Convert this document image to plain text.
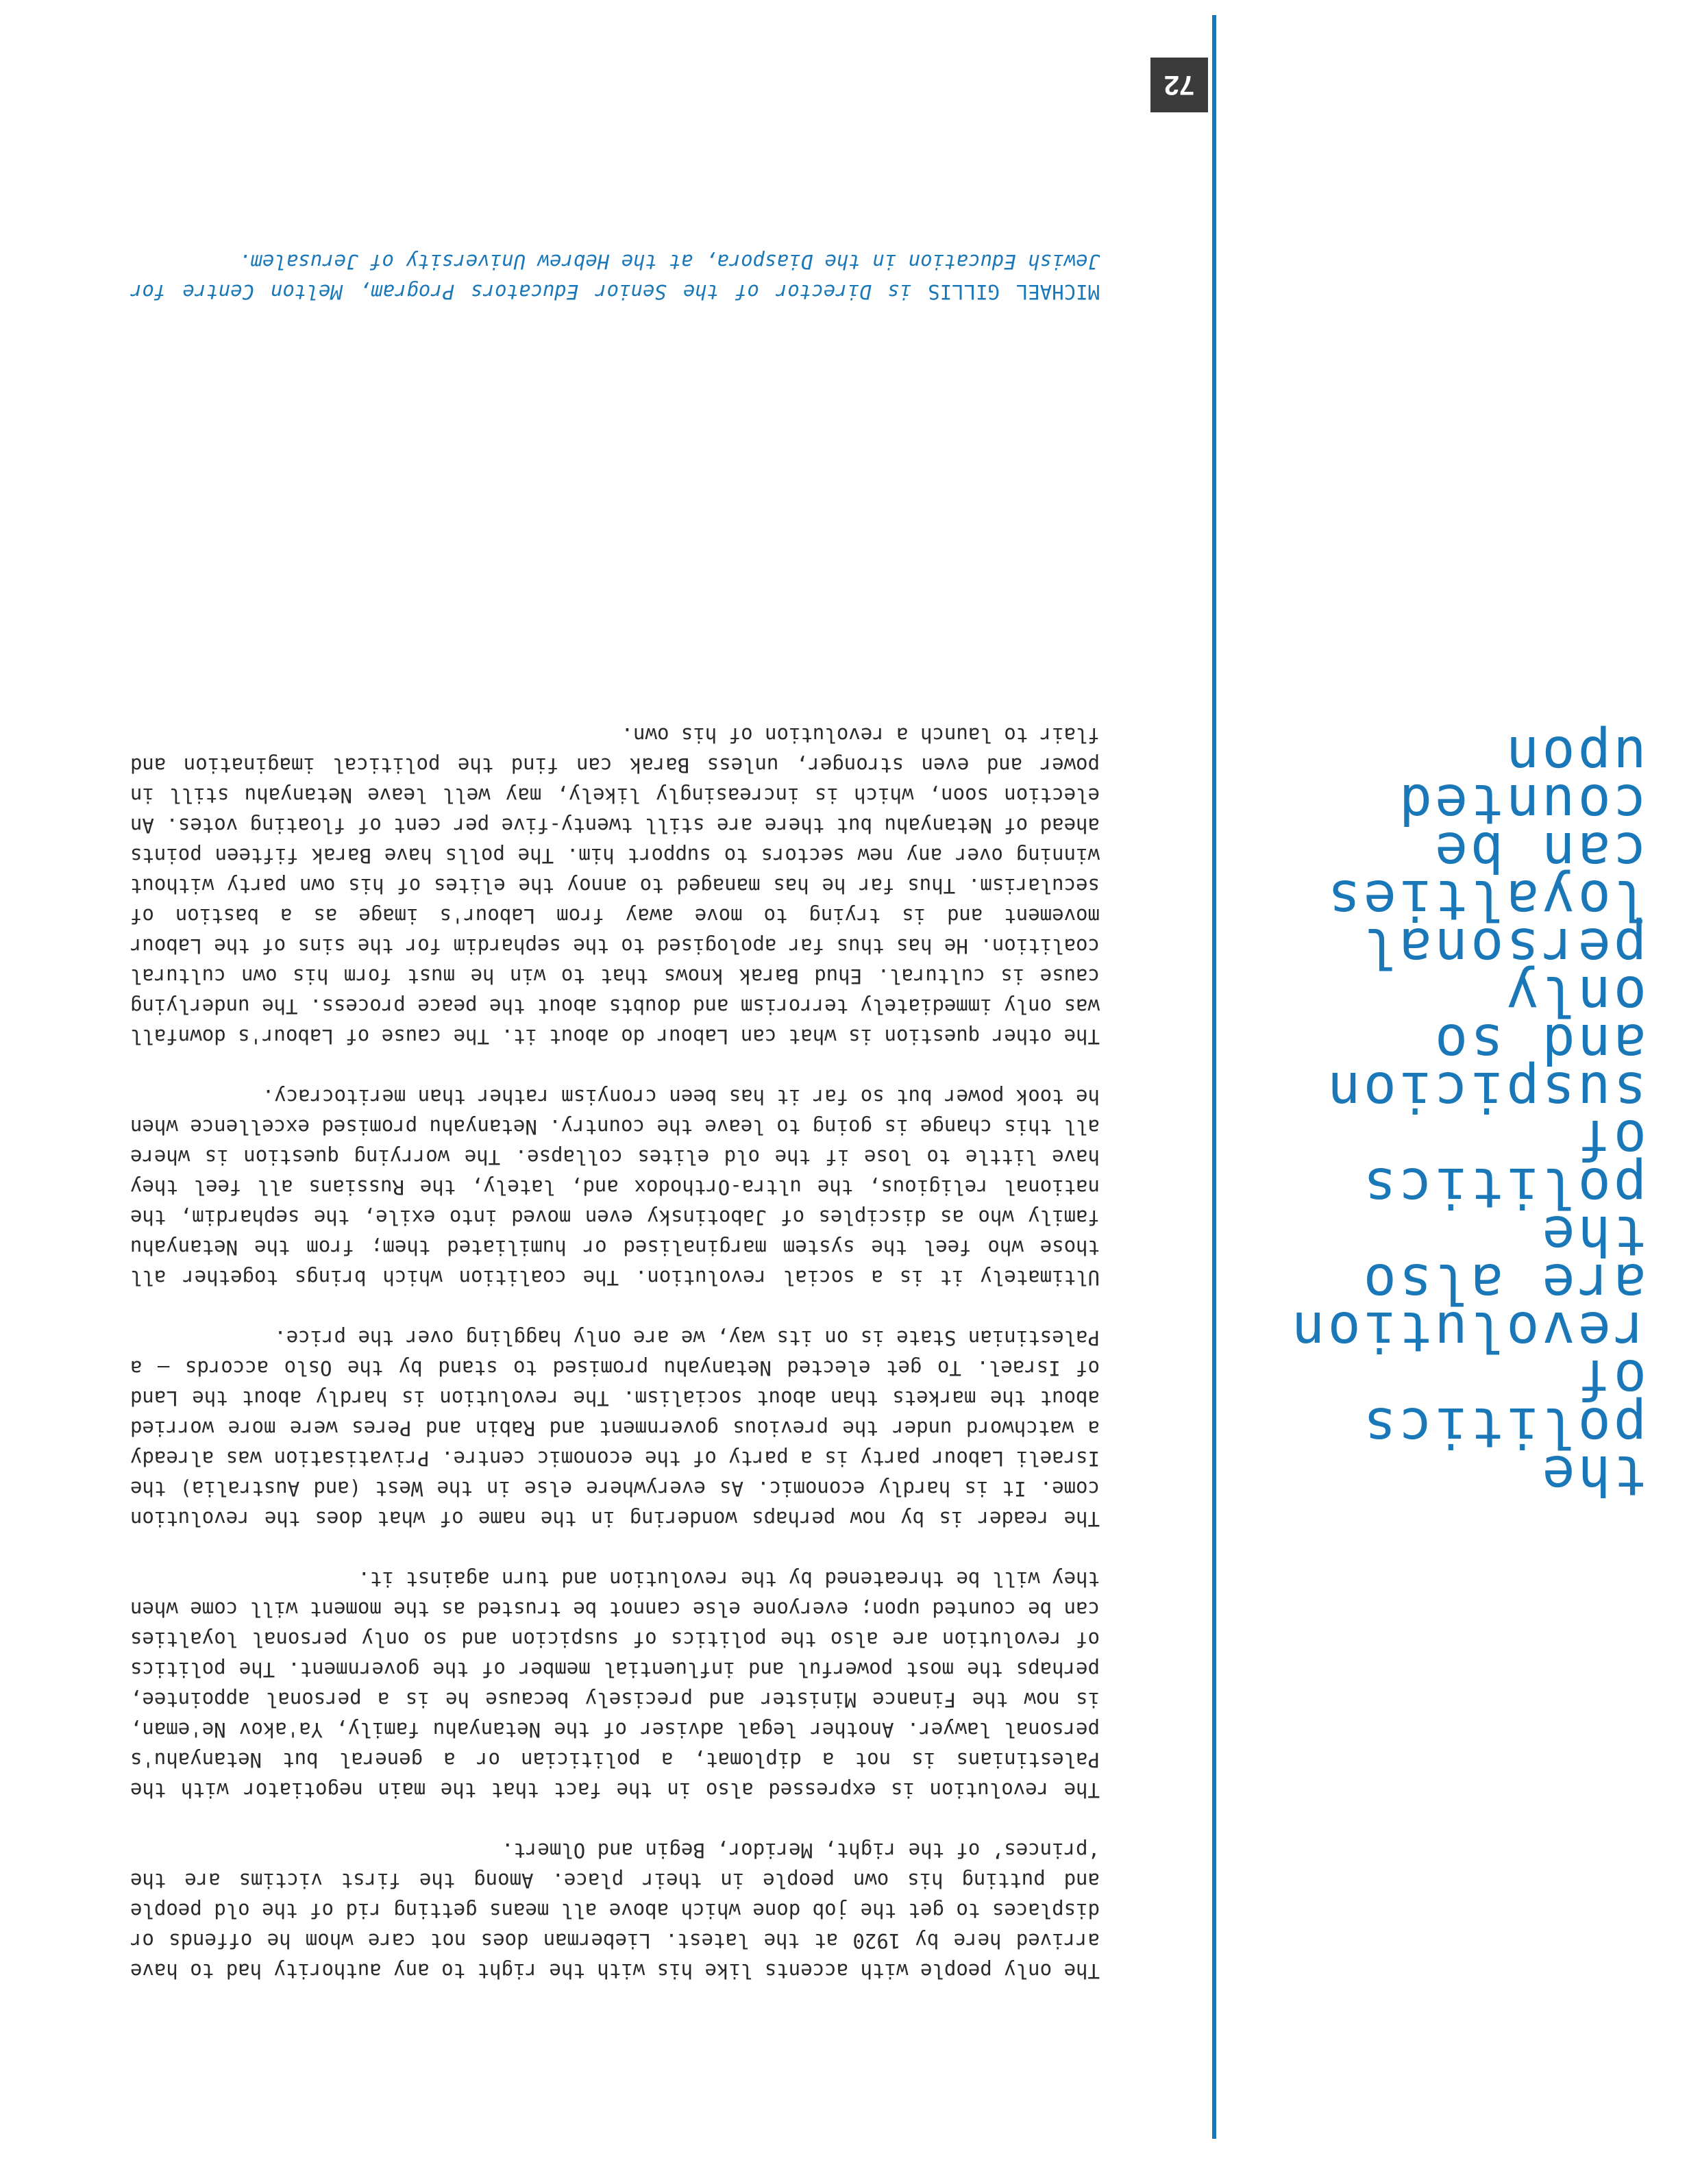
72
the
politics
of
revolution
are also
the
politics
of
suspicion
and so
only
personal
loyalties
can be
counted
upon

The only people with accents like his with the right to any authority had to have arrived here by 1920 at the latest. Lieberman does not care whom he offends or displaces to get the job done which above all means getting rid of the old people and putting his own people in their place. Among the first victims are the ‘princes’ of the right, Meridor, Begin and Olmert.

The revolution is expressed also in the fact that the main negotiator with the Palestinians is not a diplomat, a politician or a general but Netanyahu's personal lawyer. Another legal adviser of the Netanyahu family, Ya'akov Ne'eman, is now the Finance Minister and precisely because he is a personal appointee, perhaps the most powerful and influential member of the government. The politics of revolution are also the politics of suspicion and so only personal loyalties can be counted upon; everyone else cannot be trusted as the moment will come when they will be threatened by the revolution and turn against it.

The reader is by now perhaps wondering in the name of what does the revolution come. It is hardly economic. As everywhere else in the West (and Australia) the Israeli Labour party is a party of the economic centre. Privatisation was already a watchword under the previous government and Rabin and Peres were more worried about the markets than about socialism. The revolution is hardly about the Land of Israel. To get elected Netanyahu promised to stand by the Oslo accords – a Palestinian State is on its way, we are only haggling over the price.

Ultimately it is a social revolution. The coalition which brings together all those who feel the system marginalised or humiliated them; from the Netanyahu family who as disciples of Jabotinsky even moved into exile, the sephardim, the national religious, the ultra-Orthodox and, lately, the Russians all feel they have little to lose if the old elites collapse. The worrying question is where all this change is going to leave the country. Netanyahu promised excellence when he took power but so far it has been cronyism rather than meritocracy.

The other question is what can Labour do about it. The cause of Labour's downfall was only immediately terrorism and doubts about the peace process. The underlying cause is cultural. Ehud Barak knows that to win he must form his own cultural coalition. He has thus far apologised to the sephardim for the sins of the Labour movement and is trying to move away from Labour's image as a bastion of secularism. Thus far he has managed to annoy the elites of his own party without winning over any new sectors to support him. The polls have Barak fifteen points ahead of Netanyahu but there are still twenty-five per cent of floating votes. An election soon, which is increasingly likely, may well leave Netanyahu still in power and even stronger, unless Barak can find the political imagination and flair to launch a revolution of his own.

MICHAEL GILLIS is Director of the Senior Educators Program, Melton Centre for Jewish Education in the Diaspora, at the Hebrew University of Jerusalem.
